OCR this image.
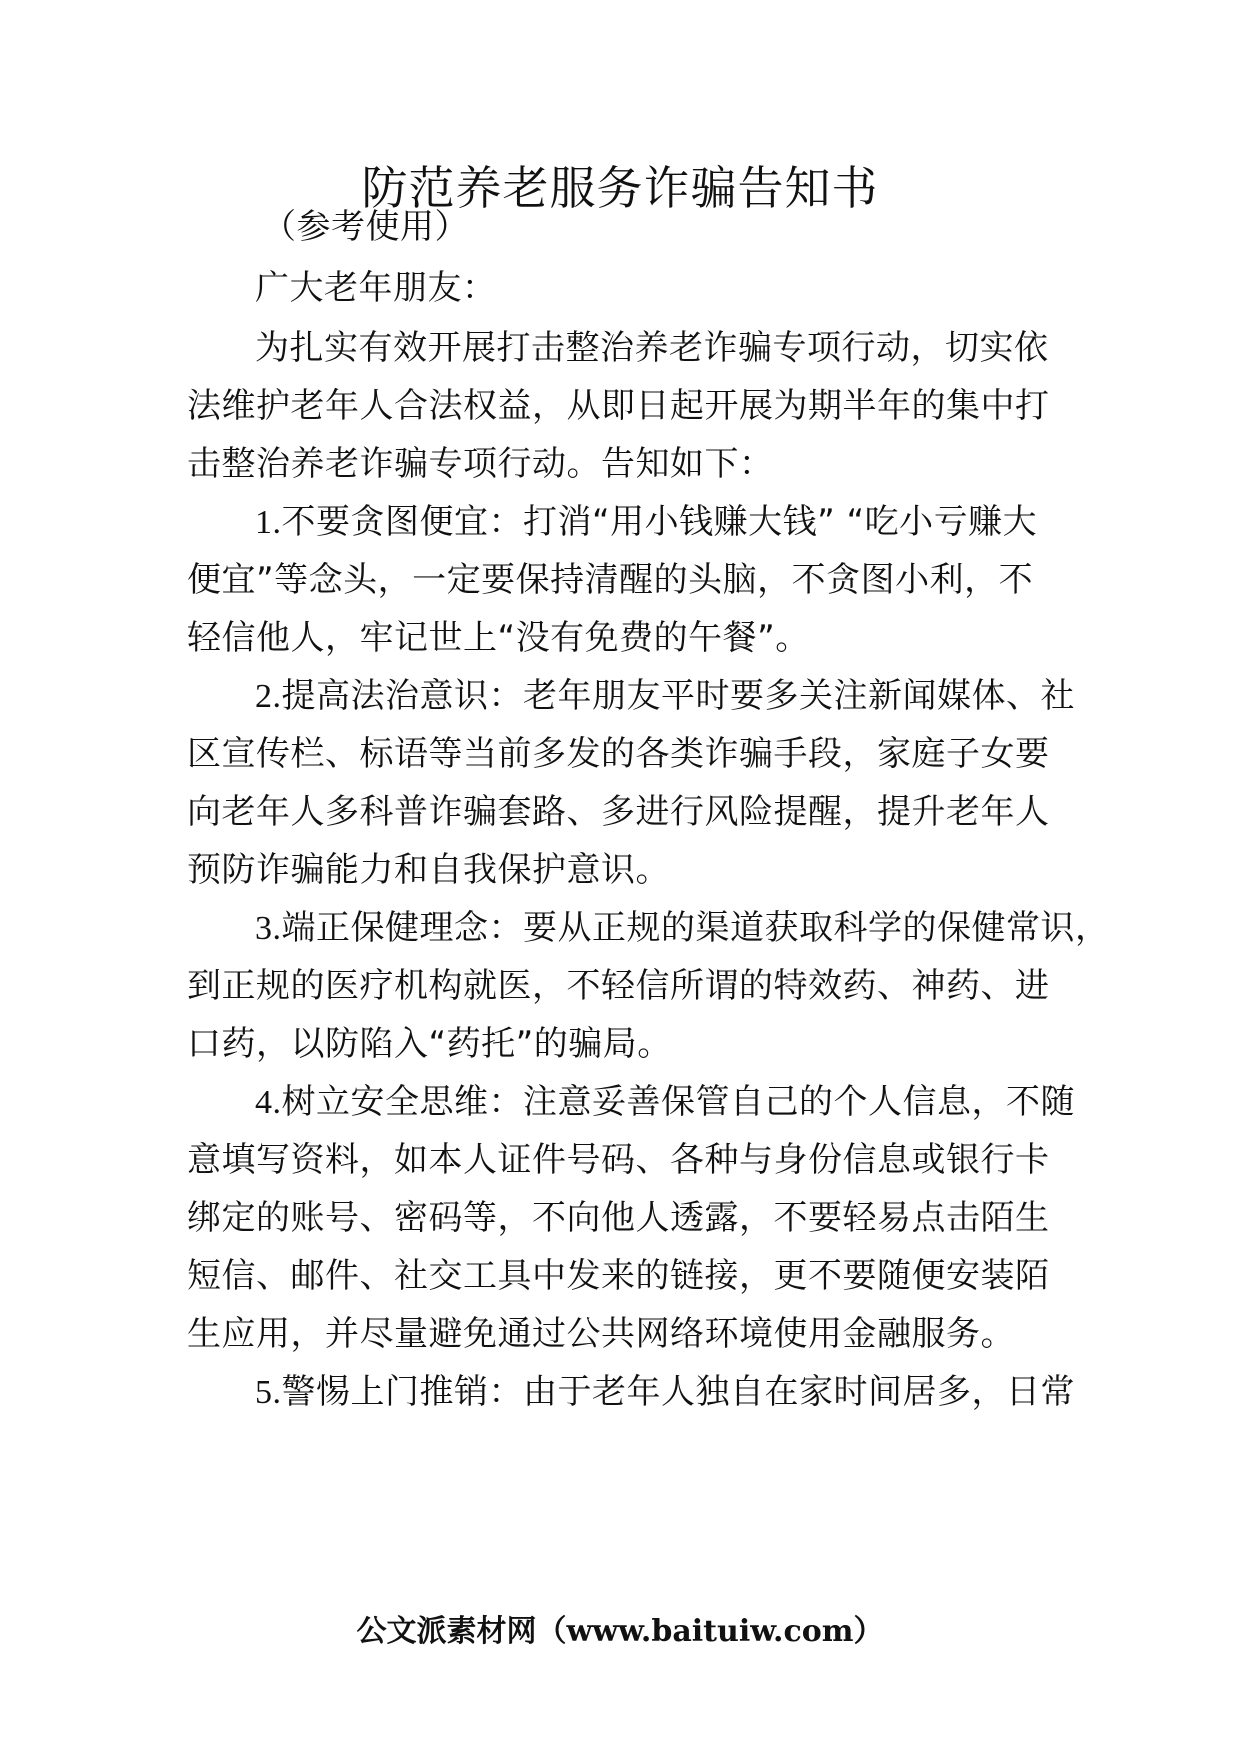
防范养老服务诈骗告知书
（参考使用）
广大老年朋友：
为扎实有效开展打击整治养老诈骗专项行动，切实依
法维护老年人合法权益，从即日起开展为期半年的集中打
击整治养老诈骗专项行动。告知如下：
1.不要贪图便宜：打消“用小钱赚大钱” “吃小亏赚大
便宜”等念头，一定要保持清醒的头脑，不贪图小利，不
轻信他人，牢记世上“没有免费的午餐”。
2.提高法治意识：老年朋友平时要多关注新闻媒体、社
区宣传栏、标语等当前多发的各类诈骗手段，家庭子女要
向老年人多科普诈骗套路、多进行风险提醒，提升老年人
预防诈骗能力和自我保护意识。
3.端正保健理念：要从正规的渠道获取科学的保健常识，
到正规的医疗机构就医，不轻信所谓的特效药、神药、进
口药，以防陷入“药托”的骗局。
4.树立安全思维：注意妥善保管自己的个人信息，不随
意填写资料，如本人证件号码、各种与身份信息或银行卡
绑定的账号、密码等，不向他人透露，不要轻易点击陌生
短信、邮件、社交工具中发来的链接，更不要随便安装陌
生应用，并尽量避免通过公共网络环境使用金融服务。
5.警惕上门推销：由于老年人独自在家时间居多，日常
公文派素材网（www.baituiw.com）
